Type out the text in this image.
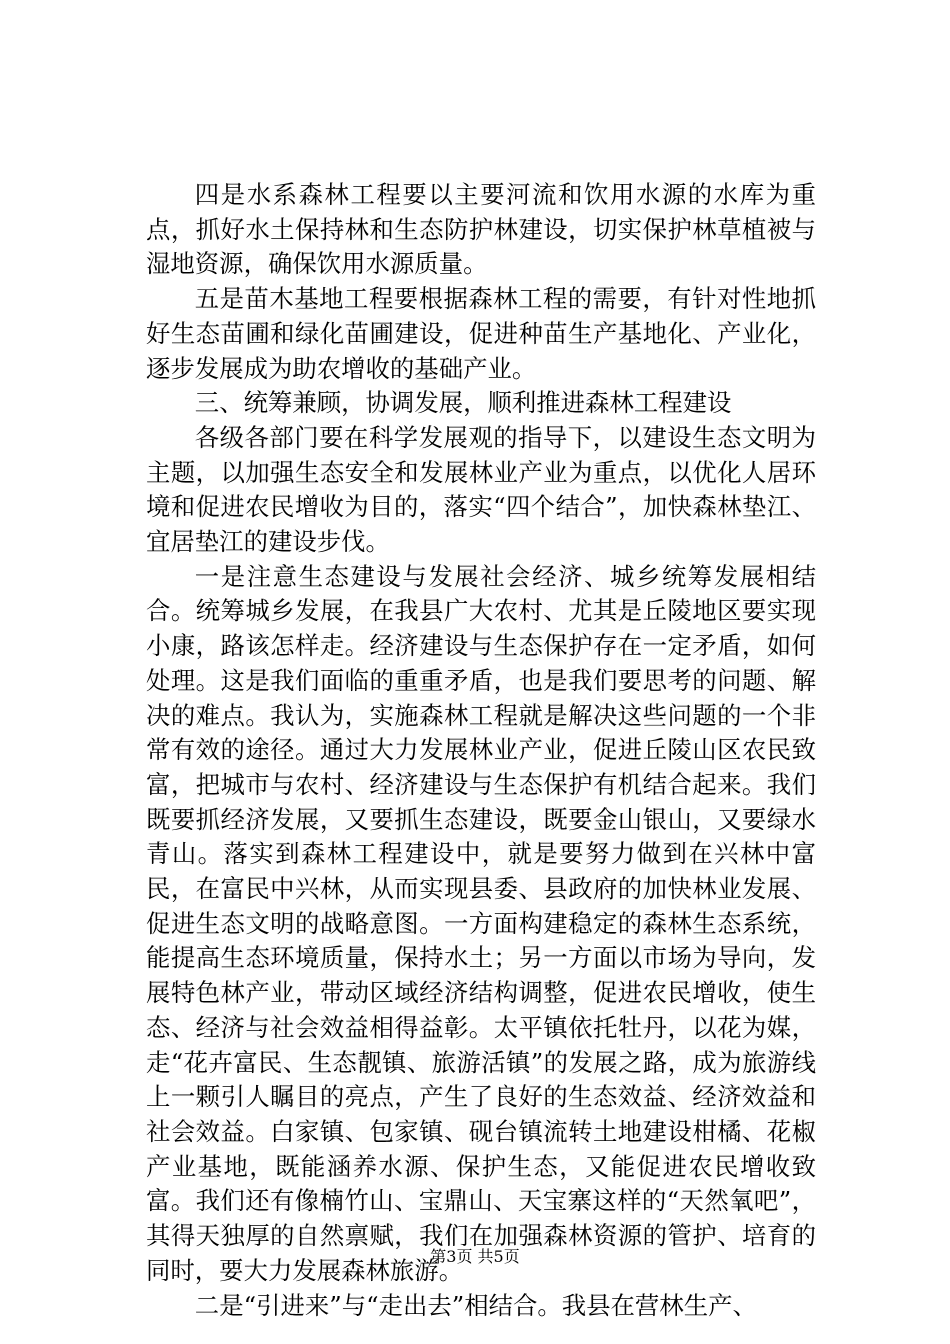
四是水系森林工程要以主要河流和饮用水源的水库为重点，抓好水土保持林和生态防护林建设，切实保护林草植被与湿地资源，确保饮用水源质量。

五是苗木基地工程要根据森林工程的需要，有针对性地抓好生态苗圃和绿化苗圃建设，促进种苗生产基地化、产业化，逐步发展成为助农增收的基础产业。

三、统筹兼顾，协调发展，顺利推进森林工程建设

各级各部门要在科学发展观的指导下，以建设生态文明为主题，以加强生态安全和发展林业产业为重点，以优化人居环境和促进农民增收为目的，落实“四个结合”，加快森林垫江、宜居垫江的建设步伐。

一是注意生态建设与发展社会经济、城乡统筹发展相结合。统筹城乡发展，在我县广大农村、尤其是丘陵地区要实现小康，路该怎样走。经济建设与生态保护存在一定矛盾，如何处理。这是我们面临的重重矛盾，也是我们要思考的问题、解决的难点。我认为，实施森林工程就是解决这些问题的一个非常有效的途径。通过大力发展林业产业，促进丘陵山区农民致富，把城市与农村、经济建设与生态保护有机结合起来。我们既要抓经济发展，又要抓生态建设，既要金山银山，又要绿水青山。落实到森林工程建设中，就是要努力做到在兴林中富民，在富民中兴林，从而实现县委、县政府的加快林业发展、促进生态文明的战略意图。一方面构建稳定的森林生态系统，能提高生态环境质量，保持水土；另一方面以市场为导向，发展特色林产业，带动区域经济结构调整，促进农民增收，使生态、经济与社会效益相得益彰。太平镇依托牡丹，以花为媒，走“花卉富民、生态靓镇、旅游活镇”的发展之路，成为旅游线上一颗引人瞩目的亮点，产生了良好的生态效益、经济效益和社会效益。白家镇、包家镇、砚台镇流转土地建设柑橘、花椒产业基地，既能涵养水源、保护生态，又能促进农民增收致富。我们还有像楠竹山、宝鼎山、天宝寨这样的“天然氧吧”，其得天独厚的自然禀赋，我们在加强森林资源的管护、培育的同时，要大力发展森林旅游。

二是“引进来”与“走出去”相结合。我县在营林生产、

第3页 共5页
